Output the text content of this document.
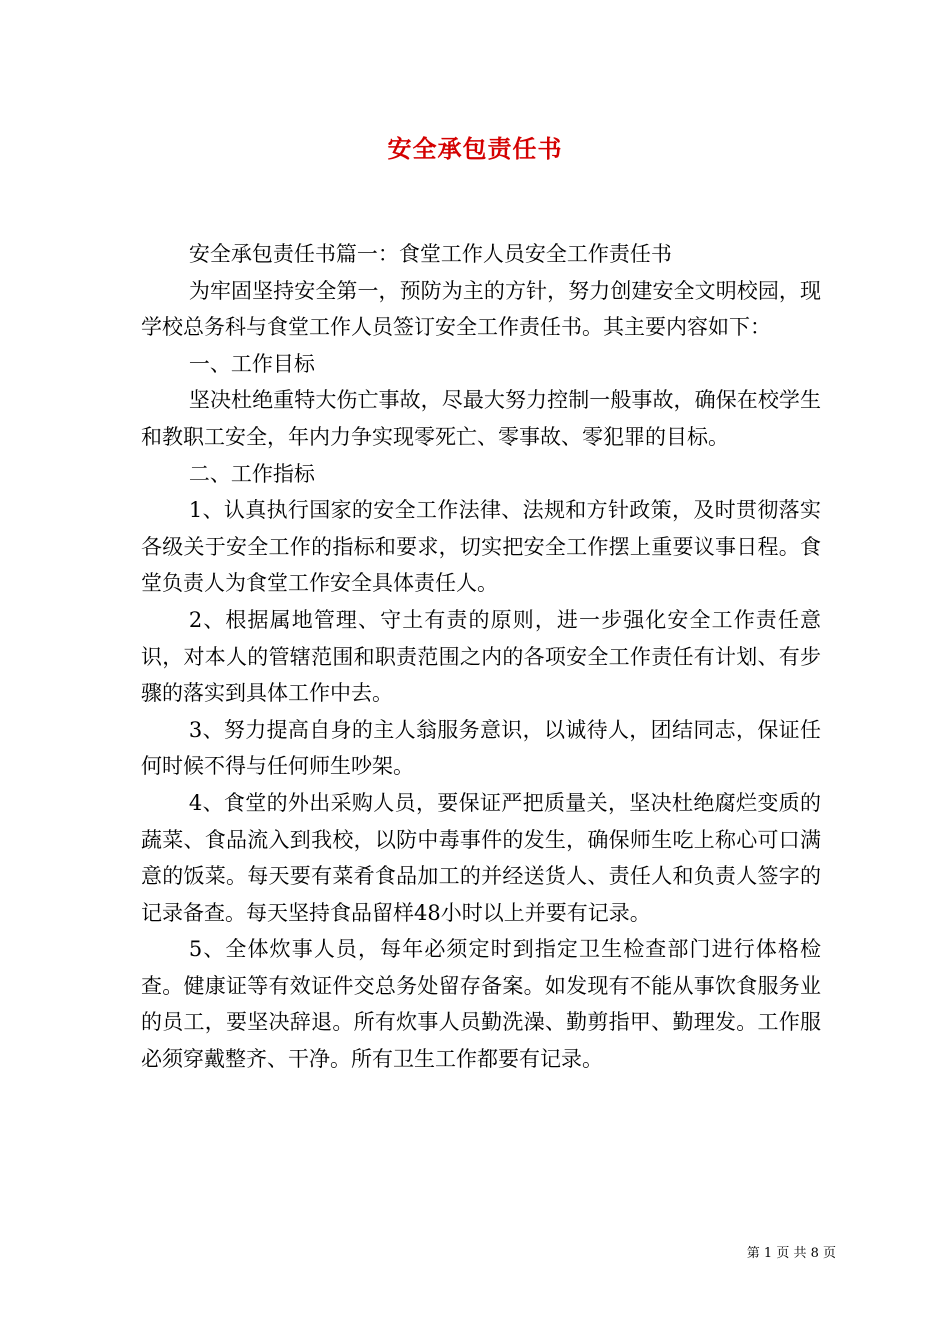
安全承包责任书

安全承包责任书篇一：食堂工作人员安全工作责任书

为牢固坚持安全第一，预防为主的方针，努力创建安全文明校园，现学校总务科与食堂工作人员签订安全工作责任书。其主要内容如下：

一、工作目标

坚决杜绝重特大伤亡事故，尽最大努力控制一般事故，确保在校学生和教职工安全，年内力争实现零死亡、零事故、零犯罪的目标。

二、工作指标

1、认真执行国家的安全工作法律、法规和方针政策，及时贯彻落实各级关于安全工作的指标和要求，切实把安全工作摆上重要议事日程。食堂负责人为食堂工作安全具体责任人。

2、根据属地管理、守土有责的原则，进一步强化安全工作责任意识，对本人的管辖范围和职责范围之内的各项安全工作责任有计划、有步骤的落实到具体工作中去。

3、努力提高自身的主人翁服务意识，以诚待人，团结同志，保证任何时候不得与任何师生吵架。

4、食堂的外出采购人员，要保证严把质量关，坚决杜绝腐烂变质的蔬菜、食品流入到我校，以防中毒事件的发生，确保师生吃上称心可口满意的饭菜。每天要有菜肴食品加工的并经送货人、责任人和负责人签字的记录备查。每天坚持食品留样48小时以上并要有记录。

5、全体炊事人员，每年必须定时到指定卫生检查部门进行体格检查。健康证等有效证件交总务处留存备案。如发现有不能从事饮食服务业的员工，要坚决辞退。所有炊事人员勤洗澡、勤剪指甲、勤理发。工作服必须穿戴整齐、干净。所有卫生工作都要有记录。

第 1 页 共 8 页
